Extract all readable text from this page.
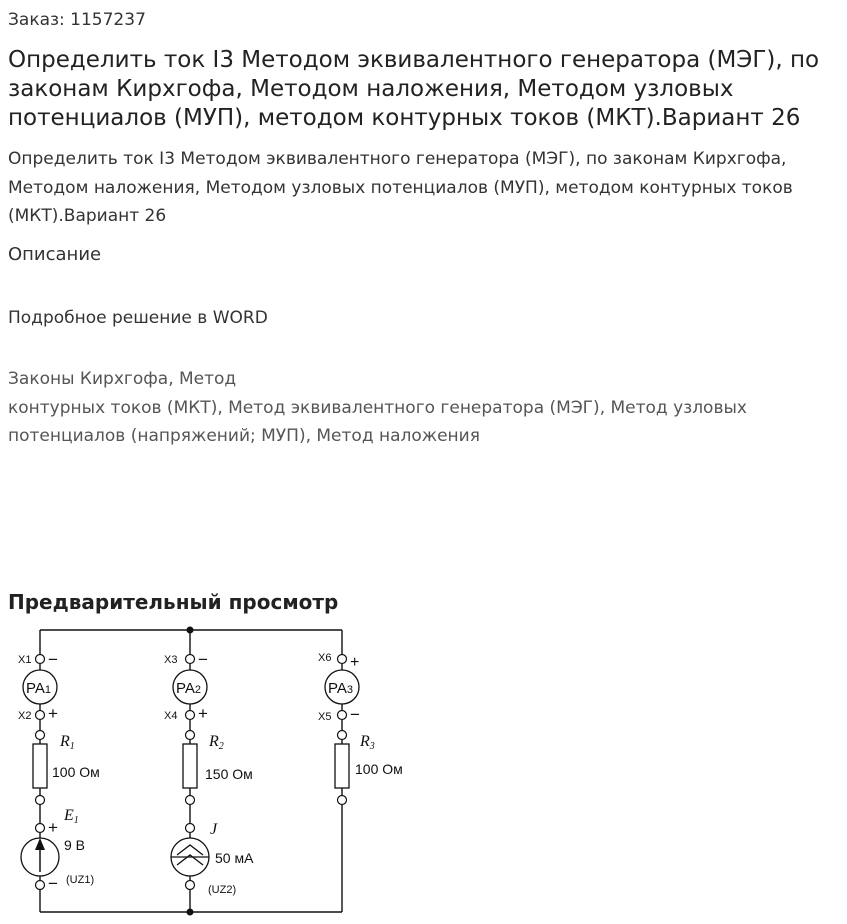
Заказ: 1157237
Определить ток I3 Методом эквивалентного генератора (МЭГ), по законам Кирхгофа, Методом наложения, Методом узловых потенциалов (МУП), методом контурных токов (МКТ).Вариант 26
Определить ток I3 Методом эквивалентного генератора (МЭГ), по законам Кирхгофа, Методом наложения, Методом узловых потенциалов (МУП), методом контурных токов (МКТ).Вариант 26
Описание
Подробное решение в WORD
Законы Кирхгофа, Метод
контурных токов (МКТ), Метод эквивалентного генератора (МЭГ), Метод узловых
потенциалов (напряжений; МУП), Метод наложения
Предварительный просмотр
PA1	PA2	PA3
X1 −
X2 +
R1
100 Ом
E1
+
9 В
− (UZ1)
X3 −
X4 +
R2
150 Ом
J
50 мА
(UZ2)
X6 +
X5 −
R3
100 Ом
